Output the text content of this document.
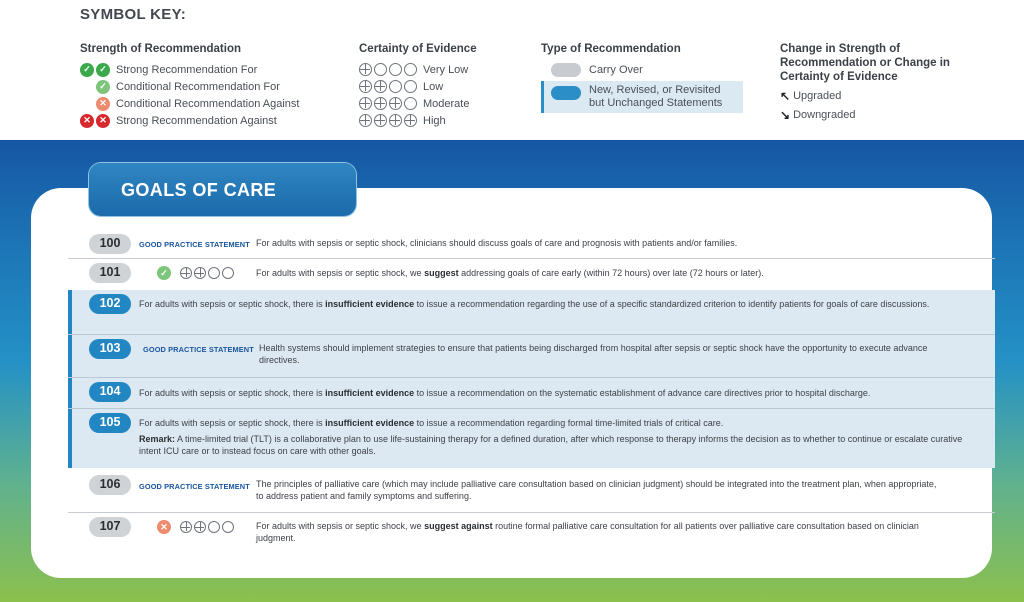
SYMBOL KEY:
Strength of Recommendation
✓ ✓ Strong Recommendation For
✓ Conditional Recommendation For
✕ Conditional Recommendation Against
✕ ✕ Strong Recommendation Against
Certainty of Evidence
Very Low
Low
Moderate
High
Type of Recommendation
Carry Over
New, Revised, or Revisited but Unchanged Statements
Change in Strength of Recommendation or Change in Certainty of Evidence
↖ Upgraded
↘ Downgraded
GOALS OF CARE
100	GOOD PRACTICE STATEMENT For adults with sepsis or septic shock, clinicians should discuss goals of care and prognosis with patients and/or families.
101	✓	For adults with sepsis or septic shock, we suggest addressing goals of care early (within 72 hours) over late (72 hours or later).
102	For adults with sepsis or septic shock, there is insufficient evidence to issue a recommendation regarding the use of a specific standardized criterion to identify patients for goals of care discussions.
103	GOOD PRACTICE STATEMENT Health systems should implement strategies to ensure that patients being discharged from hospital after sepsis or septic shock have the opportunity to execute advance directives.
104	For adults with sepsis or septic shock, there is insufficient evidence to issue a recommendation on the systematic establishment of advance care directives prior to hospital discharge.
105	For adults with sepsis or septic shock, there is insufficient evidence to issue a recommendation regarding formal time-limited trials of critical care.
Remark: A time-limited trial (TLT) is a collaborative plan to use life-sustaining therapy for a defined duration, after which response to therapy informs the decision as to whether to continue or escalate curative intent ICU care or to instead focus on care with other goals.
106	GOOD PRACTICE STATEMENT The principles of palliative care (which may include palliative care consultation based on clinician judgment) should be integrated into the treatment plan, when appropriate, to address patient and family symptoms and suffering.
107	✕	For adults with sepsis or septic shock, we suggest against routine formal palliative care consultation for all patients over palliative care consultation based on clinician judgment.
